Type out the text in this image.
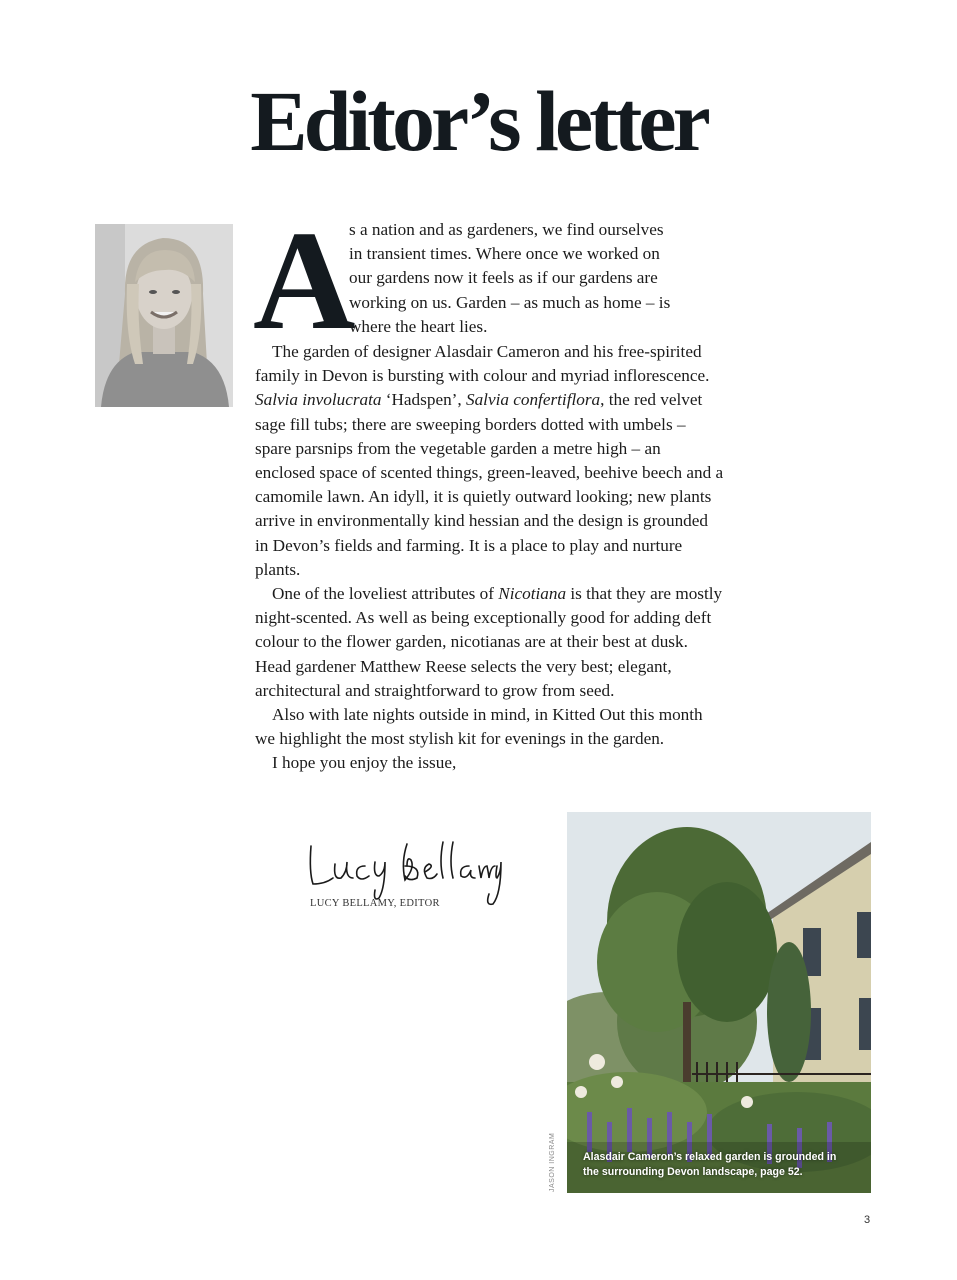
Editor’s letter
A
s a nation and as gardeners, we find ourselves
in transient times. Where once we worked on
our gardens now it feels as if our gardens are
working on us. Garden – as much as home – is
where the heart lies.

The garden of designer Alasdair Cameron and his free-spirited family in Devon is bursting with colour and myriad inflorescence. Salvia involucrata ‘Hadspen’, Salvia confertiflora, the red velvet sage fill tubs; there are sweeping borders dotted with umbels – spare parsnips from the vegetable garden a metre high – an enclosed space of scented things, green-leaved, beehive beech and a camomile lawn. An idyll, it is quietly outward looking; new plants arrive in environmentally kind hessian and the design is grounded in Devon’s fields and farming. It is a place to play and nurture plants.

One of the loveliest attributes of Nicotiana is that they are mostly night-scented. As well as being exceptionally good for adding deft colour to the flower garden, nicotianas are at their best at dusk. Head gardener Matthew Reese selects the very best; elegant, architectural and straightforward to grow from seed.

Also with late nights outside in mind, in Kitted Out this month we highlight the most stylish kit for evenings in the garden.

I hope you enjoy the issue,

LUCY BELLAMY, EDITOR
Alasdair Cameron’s relaxed garden is grounded in the surrounding Devon landscape, page 52.
JASON INGRAM
3
